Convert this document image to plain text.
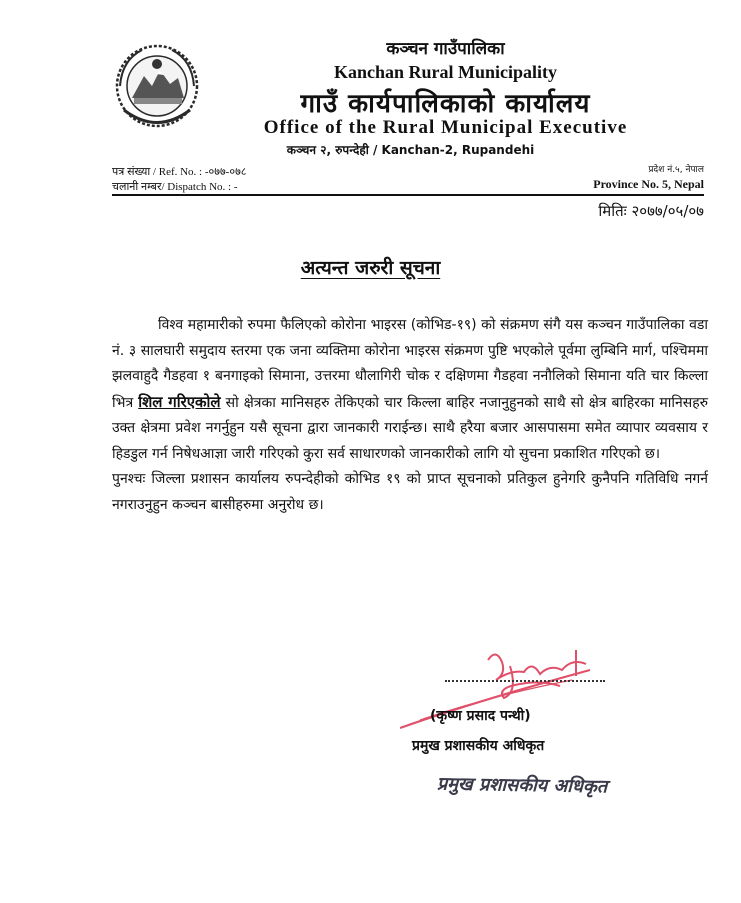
कञ्चन गाउँपालिका
Kanchan Rural Municipality
गाउँ कार्यपालिकाको कार्यालय
Office of the Rural Municipal Executive
कञ्चन २, रुपन्देही / Kanchan-2, Rupandehi
पत्र संख्या / Ref. No. : -०७७-०७८
चलानी नम्बर/ Dispatch No. : -
प्रदेश नं.५, नेपाल
Province No. 5, Nepal
मितिः २०७७/०५/०७
अत्यन्त जरुरी सूचना

विश्व महामारीको रुपमा फैलिएको कोरोना भाइरस (कोभिड-१९) को संक्रमण संगै यस कञ्चन गाउँपालिका वडा नं. ३ सालघारी समुदाय स्तरमा एक जना व्यक्तिमा कोरोना भाइरस संक्रमण पुष्टि भएकोले पूर्वमा लुम्बिनि मार्ग, पश्चिममा झलवाहुदै गैडहवा १ बनगाइको सिमाना, उत्तरमा धौलागिरी चोक र दक्षिणमा गैडहवा ननौलिको सिमाना यति चार किल्ला भित्र शिल गरिएकोले सो क्षेत्रका मानिसहरु तेकिएको चार किल्ला बाहिर नजानुहुनको साथै सो क्षेत्र बाहिरका मानिसहरु उक्त क्षेत्रमा प्रवेश नगर्नुहुन यसै सूचना द्वारा जानकारी गराईन्छ। साथै हरैया बजार आसपासमा समेत व्यापार व्यवसाय र हिडडुल गर्न निषेधआज्ञा जारी गरिएको कुरा सर्व साधारणको जानकारीको लागि यो सुचना प्रकाशित गरिएको छ।

पुनश्चः जिल्ला प्रशासन कार्यालय रुपन्देहीको कोभिड १९ को प्राप्त सूचनाको प्रतिकुल हुनेगरि कुनैपनि गतिविधि नगर्न नगराउनुहुन कञ्चन बासीहरुमा अनुरोध छ।

(कृष्ण प्रसाद पन्थी)
प्रमुख प्रशासकीय अधिकृत
प्रमुख प्रशासकीय अधिकृत
